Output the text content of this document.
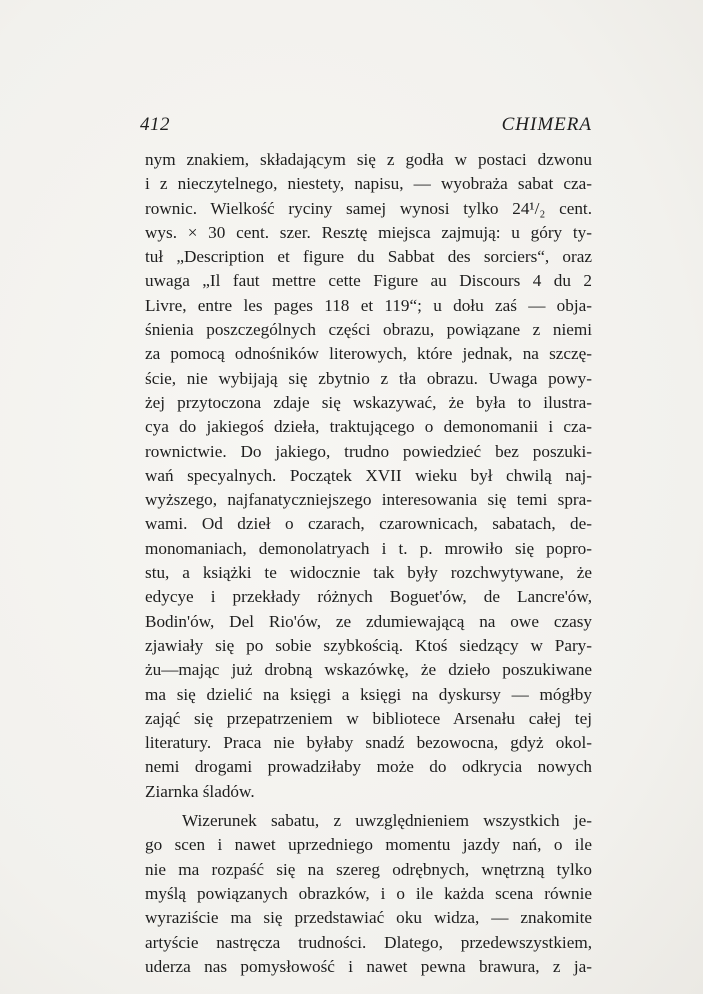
412	CHIMERA
nym znakiem, składającym się z godła w postaci dzwonu
i z nieczytelnego, niestety, napisu, — wyobraża sabat cza-
rownic. Wielkość ryciny samej wynosi tylko 24¹/₂ cent.
wys. × 30 cent. szer. Resztę miejsca zajmują: u góry ty-
tuł „Description et figure du Sabbat des sorciers“, oraz
uwaga „Il faut mettre cette Figure au Discours 4 du 2
Livre, entre les pages 118 et 119“; u dołu zaś — obja-
śnienia poszczególnych części obrazu, powiązane z niemi
za pomocą odnośników literowych, które jednak, na szczę-
ście, nie wybijają się zbytnio z tła obrazu. Uwaga powy-
żej przytoczona zdaje się wskazywać, że była to ilustra-
cya do jakiegoś dzieła, traktującego o demonomanii i cza-
rownictwie. Do jakiego, trudno powiedzieć bez poszuki-
wań specyalnych. Początek XVII wieku był chwilą naj-
wyższego, najfanatyczniejszego interesowania się temi spra-
wami. Od dzieł o czarach, czarownicach, sabatach, de-
monomaniach, demonolatryach i t. p. mrowiło się popro-
stu, a książki te widocznie tak były rozchwytywane, że
edycye i przekłady różnych Boguet'ów, de Lancre'ów,
Bodin'ów, Del Rio'ów, ze zdumiewającą na owe czasy
zjawiały się po sobie szybkością. Ktoś siedzący w Pary-
żu—mając już drobną wskazówkę, że dzieło poszukiwane
ma się dzielić na księgi a księgi na dyskursy — mógłby
zająć się przepatrzeniem w bibliotece Arsenału całej tej
literatury. Praca nie byłaby snadź bezowocna, gdyż okol-
nemi drogami prowadziłaby może do odkrycia nowych
Ziarnka śladów.
Wizerunek sabatu, z uwzględnieniem wszystkich je-
go scen i nawet uprzedniego momentu jazdy nań, o ile
nie ma rozpaść się na szereg odrębnych, wnętrzną tylko
myślą powiązanych obrazków, i o ile każda scena równie
wyraziście ma się przedstawiać oku widza, — znakomite
artyście nastręcza trudności. Dlatego, przedewszystkiem,
uderza nas pomysłowość i nawet pewna brawura, z ja-
